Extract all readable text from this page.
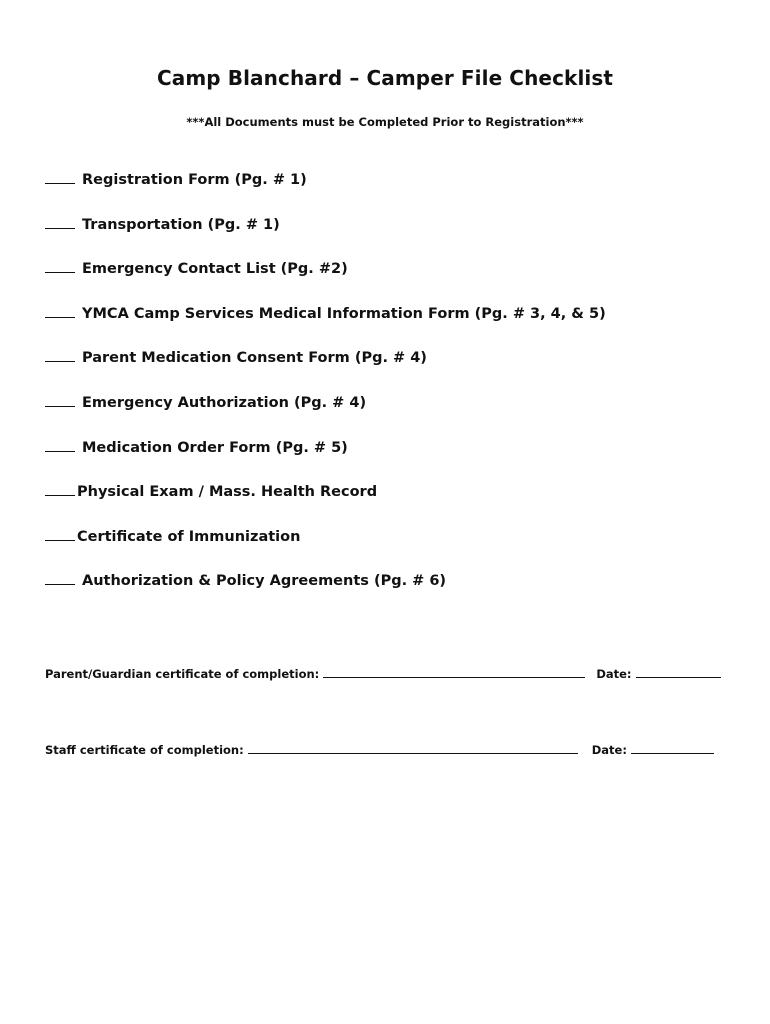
Camp Blanchard – Camper File Checklist
***All Documents must be Completed Prior to Registration***
Registration Form (Pg. # 1)
Transportation (Pg. # 1)
Emergency Contact List (Pg. #2)
YMCA Camp Services Medical Information Form (Pg. # 3, 4, & 5)
Parent Medication Consent Form (Pg. # 4)
Emergency Authorization (Pg. # 4)
Medication Order Form (Pg. # 5)
Physical Exam / Mass. Health Record
Certificate of Immunization
Authorization & Policy Agreements (Pg. # 6)
Parent/Guardian certificate of completion:	Date:
Staff certificate of completion:	Date:
